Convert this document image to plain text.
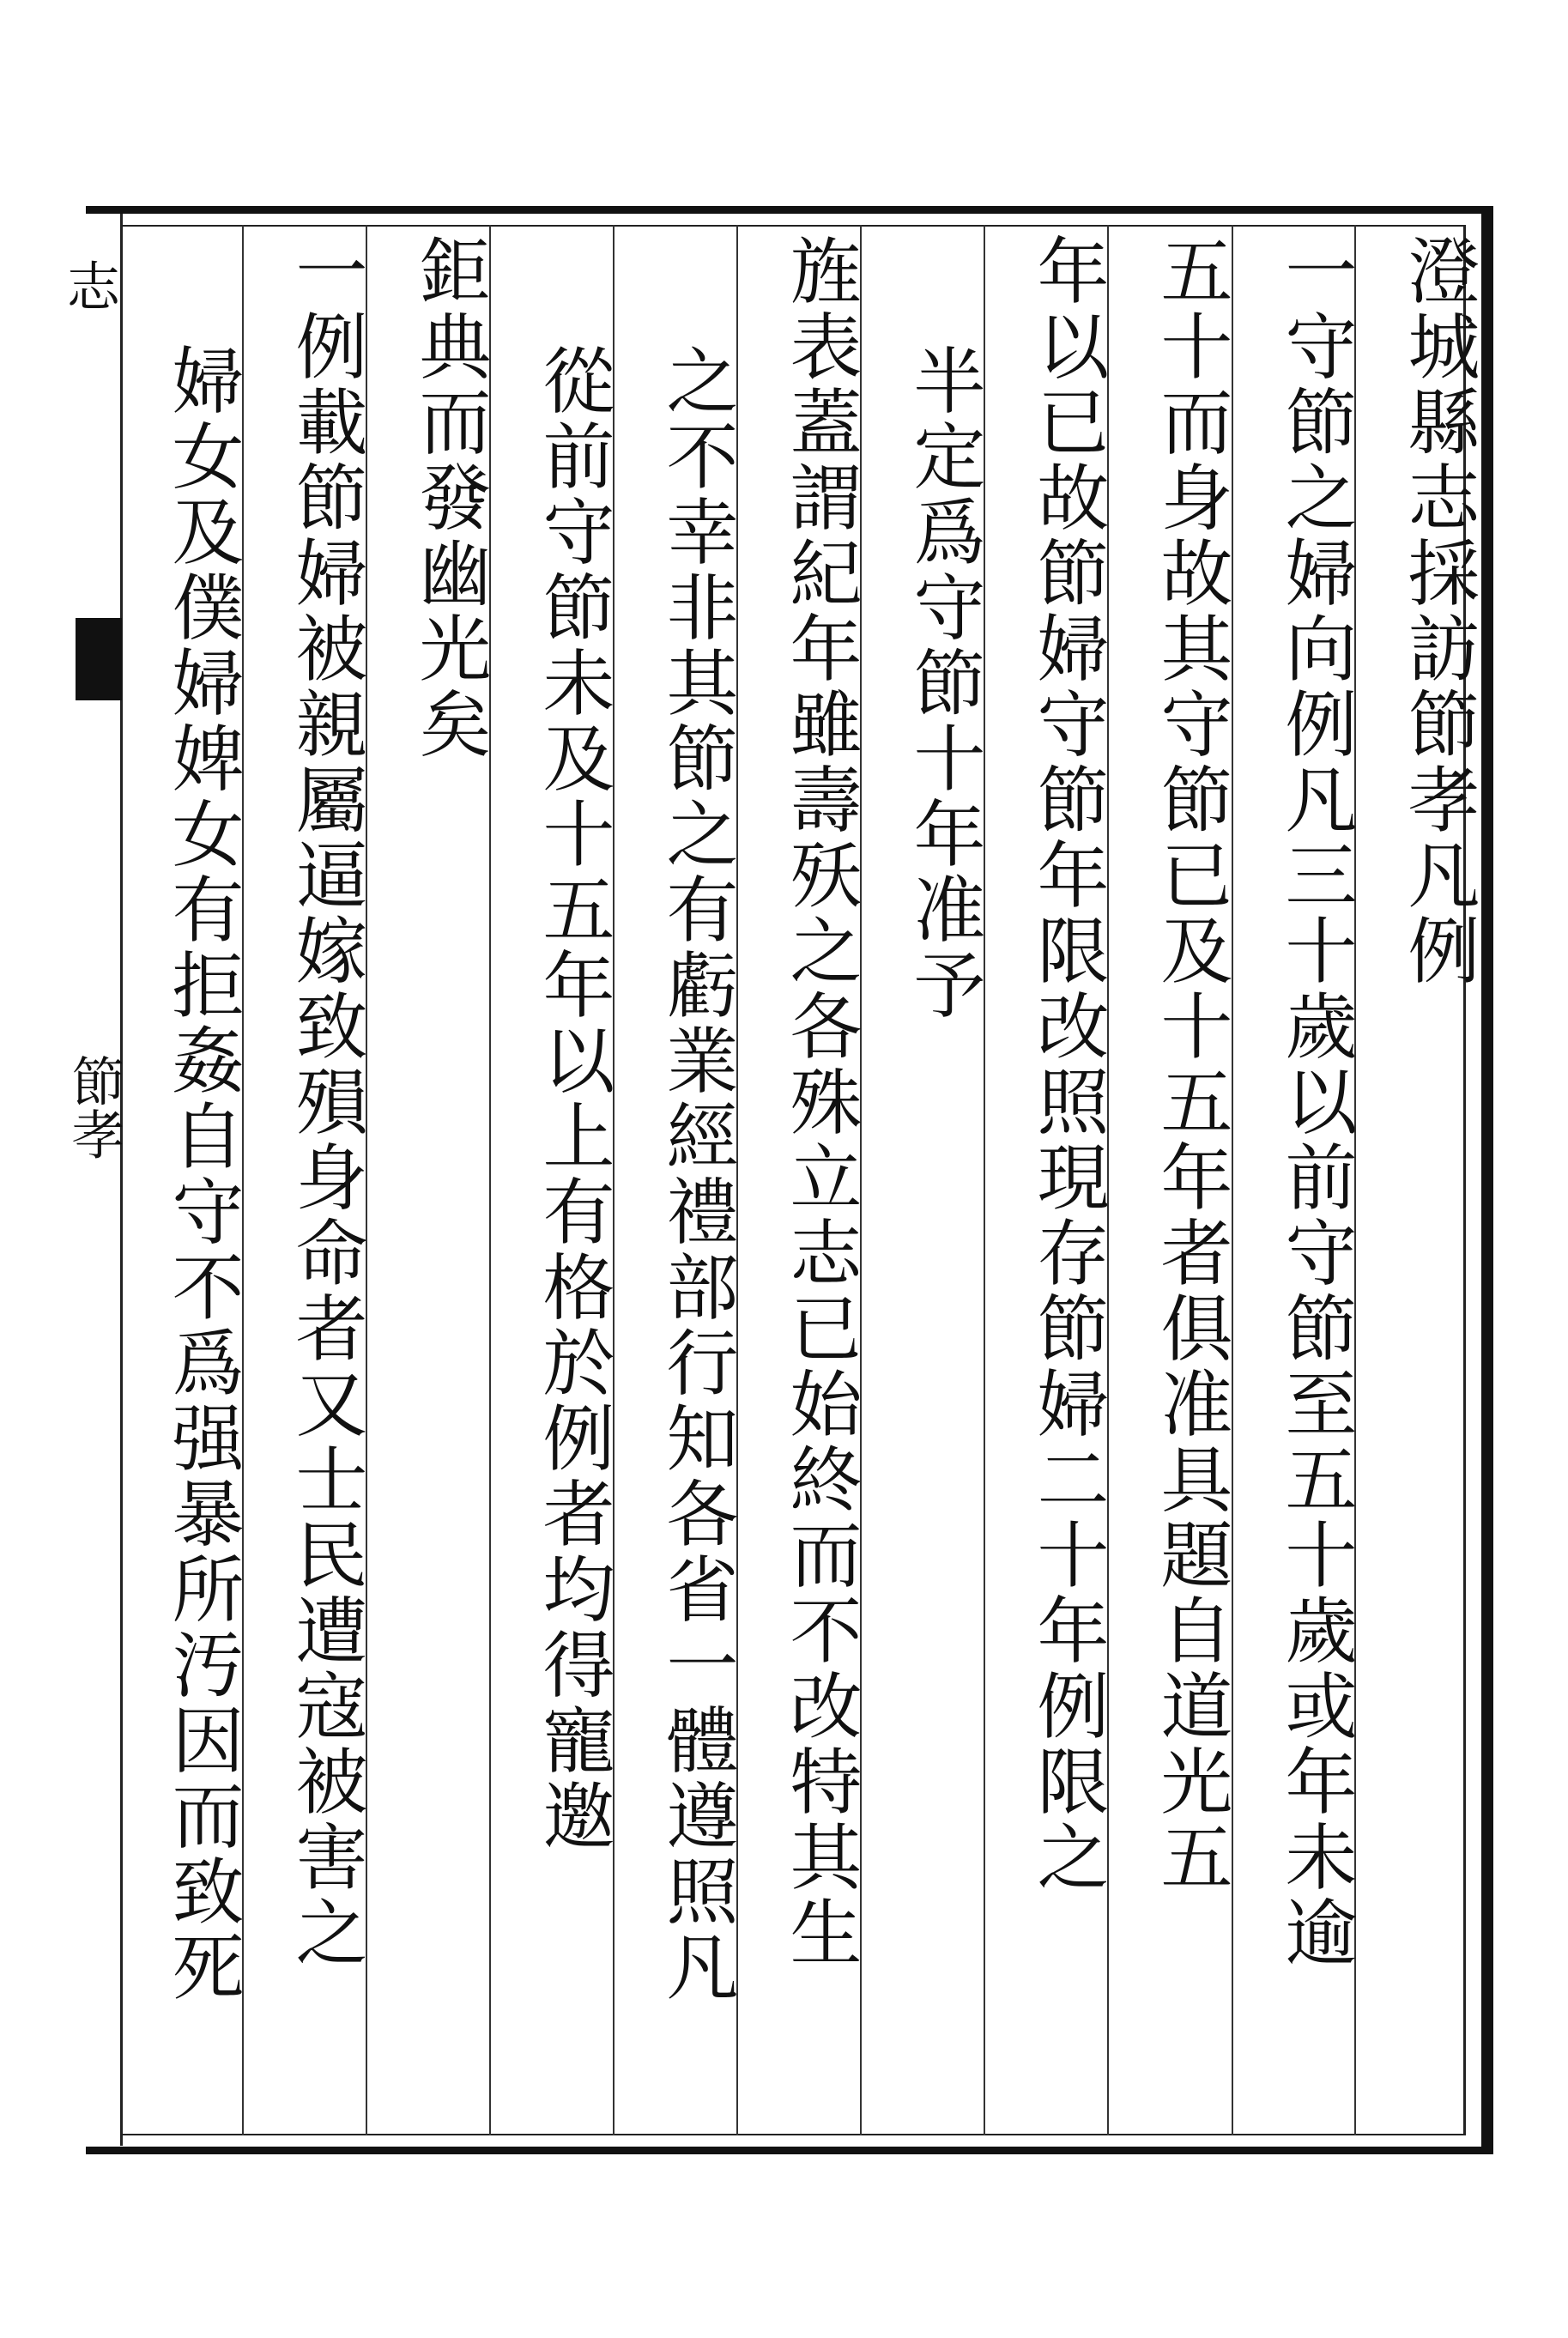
志
節孝
澄城縣志採訪節孝凡例
一守節之婦向例凡三十歲以前守節至五十歲或年未逾
五十而身故其守節已及十五年者俱准具題自道光五
年以已故節婦守節年限改照現存節婦二十年例限之
半定爲守節十年准予
旌表蓋謂紀年雖壽殀之各殊立志已始終而不改特其生
之不幸非其節之有虧業經禮部行知各省一體遵照凡
從前守節未及十五年以上有格於例者均得寵邀
鉅典而發幽光矣
一例載節婦被親屬逼嫁致殞身命者又士民遭寇被害之
婦女及僕婦婢女有拒姦自守不爲强暴所汚因而致死
